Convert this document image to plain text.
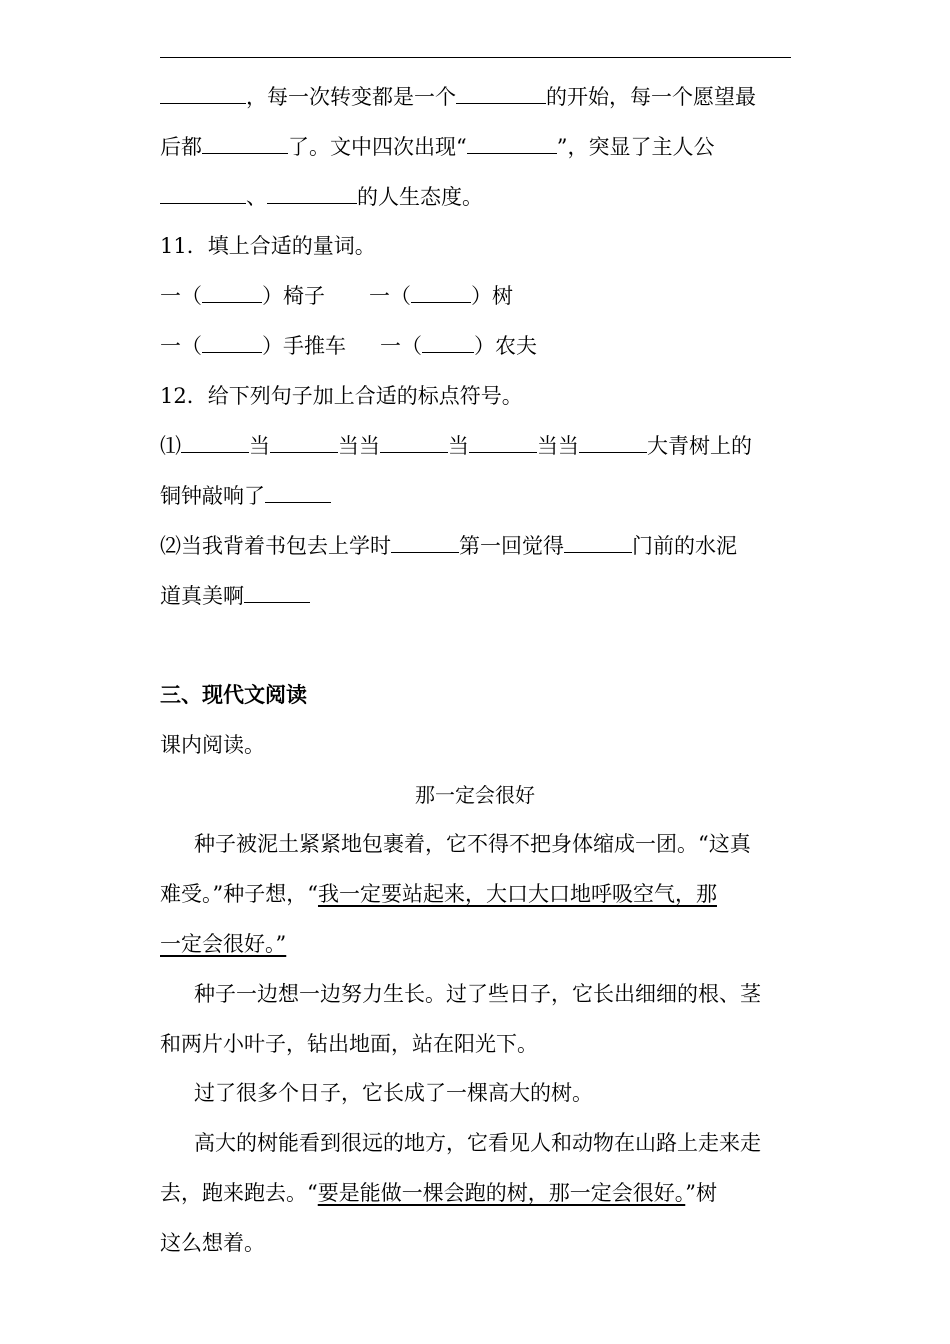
，每一次转变都是一个	的开始，每一个愿望最
后都	了。文中四次出现“	”，突显了主人公
、	的人生态度。
11．填上合适的量词。
一（	）椅子 一（	）树
一（	）手推车 一（ ）农夫
12．给下列句子加上合适的标点符号。
⑴	当	当当	当	当当	大青树上的
铜钟敲响了
⑵当我背着书包去上学时	第一回觉得	门前的水泥
道真美啊
三、现代文阅读
课内阅读。
那一定会很好
种子被泥土紧紧地包裹着，它不得不把身体缩成一团。“这真
难受。”种子想，“我一定要站起来，大口大口地呼吸空气，那
一定会很好。”
种子一边想一边努力生长。过了些日子，它长出细细的根、茎
和两片小叶子，钻出地面，站在阳光下。
过了很多个日子，它长成了一棵高大的树。
高大的树能看到很远的地方，它看见人和动物在山路上走来走
去，跑来跑去。“要是能做一棵会跑的树，那一定会很好。”树
这么想着。
